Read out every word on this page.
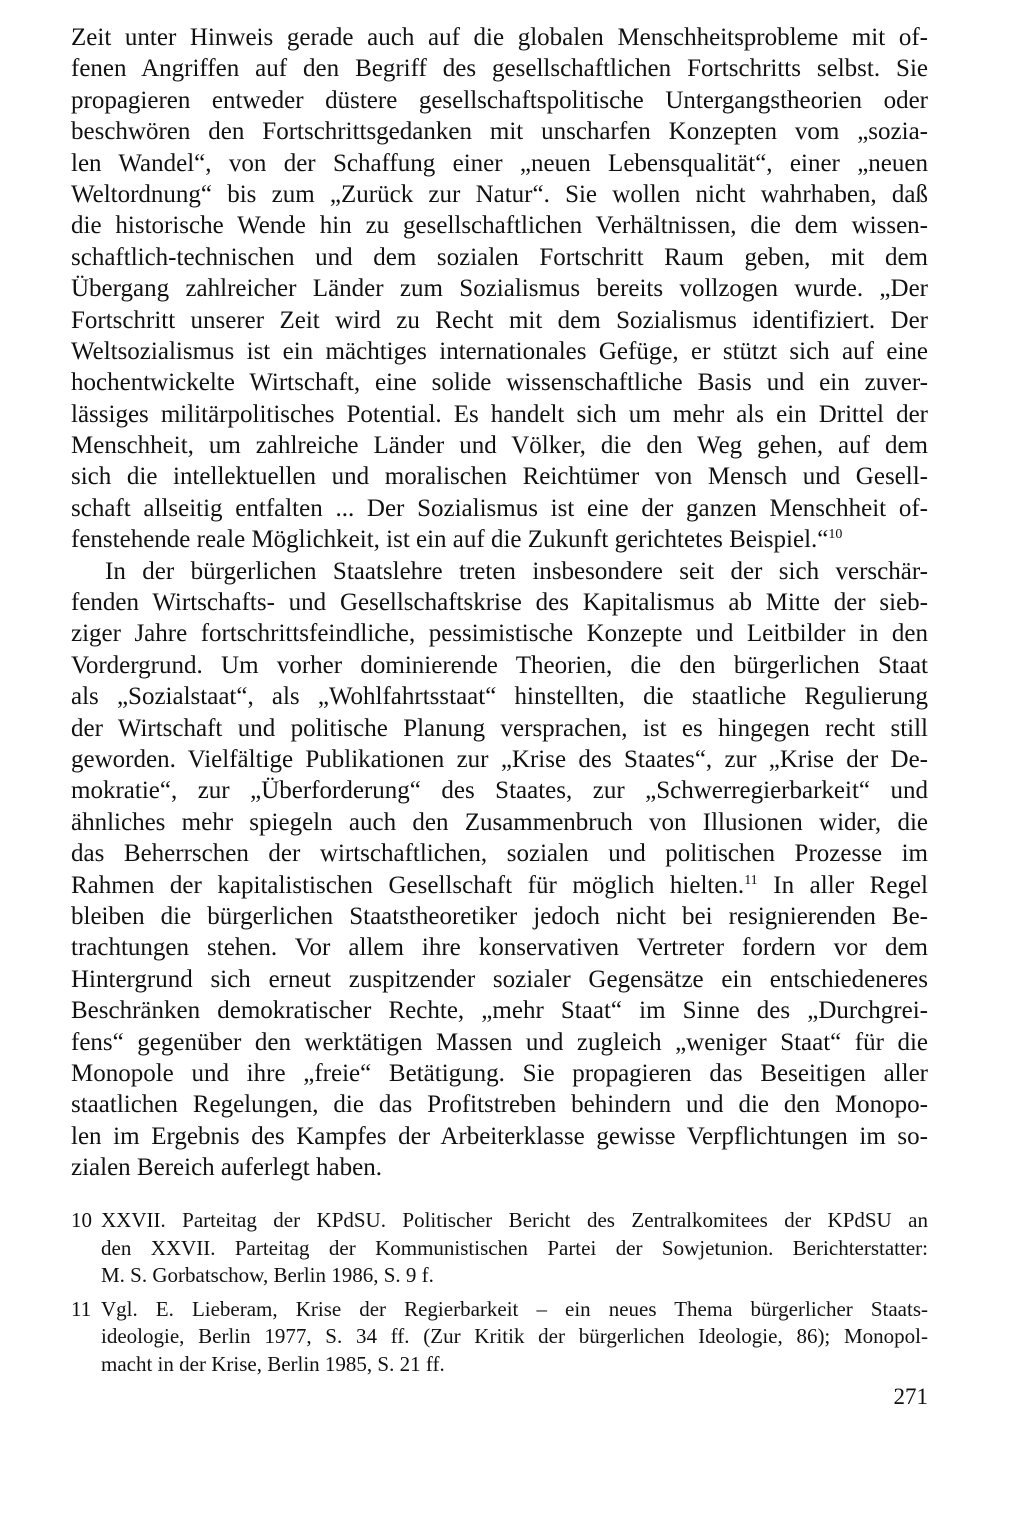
Zeit unter Hinweis gerade auch auf die globalen Menschheitsprobleme mit of-
fenen Angriffen auf den Begriff des gesellschaftlichen Fortschritts selbst. Sie
propagieren entweder düstere gesellschaftspolitische Untergangstheorien oder
beschwören den Fortschrittsgedanken mit unscharfen Konzepten vom „sozia-
len Wandel“, von der Schaffung einer „neuen Lebensqualität“, einer „neuen
Weltordnung“ bis zum „Zurück zur Natur“. Sie wollen nicht wahrhaben, daß
die historische Wende hin zu gesellschaftlichen Verhältnissen, die dem wissen-
schaftlich-technischen und dem sozialen Fortschritt Raum geben, mit dem
Übergang zahlreicher Länder zum Sozialismus bereits vollzogen wurde. „Der
Fortschritt unserer Zeit wird zu Recht mit dem Sozialismus identifiziert. Der
Weltsozialismus ist ein mächtiges internationales Gefüge, er stützt sich auf eine
hochentwickelte Wirtschaft, eine solide wissenschaftliche Basis und ein zuver-
lässiges militärpolitisches Potential. Es handelt sich um mehr als ein Drittel der
Menschheit, um zahlreiche Länder und Völker, die den Weg gehen, auf dem
sich die intellektuellen und moralischen Reichtümer von Mensch und Gesell-
schaft allseitig entfalten ... Der Sozialismus ist eine der ganzen Menschheit of-
fenstehende reale Möglichkeit, ist ein auf die Zukunft gerichtetes Beispiel.“$^{10}$
In der bürgerlichen Staatslehre treten insbesondere seit der sich verschär-
fenden Wirtschafts- und Gesellschaftskrise des Kapitalismus ab Mitte der sieb-
ziger Jahre fortschrittsfeindliche, pessimistische Konzepte und Leitbilder in den
Vordergrund. Um vorher dominierende Theorien, die den bürgerlichen Staat
als „Sozialstaat“, als „Wohlfahrtsstaat“ hinstellten, die staatliche Regulierung
der Wirtschaft und politische Planung versprachen, ist es hingegen recht still
geworden. Vielfältige Publikationen zur „Krise des Staates“, zur „Krise der De-
mokratie“, zur „Überforderung“ des Staates, zur „Schwerregierbarkeit“ und
ähnliches mehr spiegeln auch den Zusammenbruch von Illusionen wider, die
das Beherrschen der wirtschaftlichen, sozialen und politischen Prozesse im
Rahmen der kapitalistischen Gesellschaft für möglich hielten.$^{11}$ In aller Regel
bleiben die bürgerlichen Staatstheoretiker jedoch nicht bei resignierenden Be-
trachtungen stehen. Vor allem ihre konservativen Vertreter fordern vor dem
Hintergrund sich erneut zuspitzender sozialer Gegensätze ein entschiedeneres
Beschränken demokratischer Rechte, „mehr Staat“ im Sinne des „Durchgrei-
fens“ gegenüber den werktätigen Massen und zugleich „weniger Staat“ für die
Monopole und ihre „freie“ Betätigung. Sie propagieren das Beseitigen aller
staatlichen Regelungen, die das Profitstreben behindern und die den Monopo-
len im Ergebnis des Kampfes der Arbeiterklasse gewisse Verpflichtungen im so-
zialen Bereich auferlegt haben.
10 XXVII. Parteitag der KPdSU. Politischer Bericht des Zentralkomitees der KPdSU an
den XXVII. Parteitag der Kommunistischen Partei der Sowjetunion. Berichterstatter:
M. S. Gorbatschow, Berlin 1986, S. 9 f.
11 Vgl. E. Lieberam, Krise der Regierbarkeit – ein neues Thema bürgerlicher Staats-
ideologie, Berlin 1977, S. 34 ff. (Zur Kritik der bürgerlichen Ideologie, 86); Monopol-
macht in der Krise, Berlin 1985, S. 21 ff.
271
